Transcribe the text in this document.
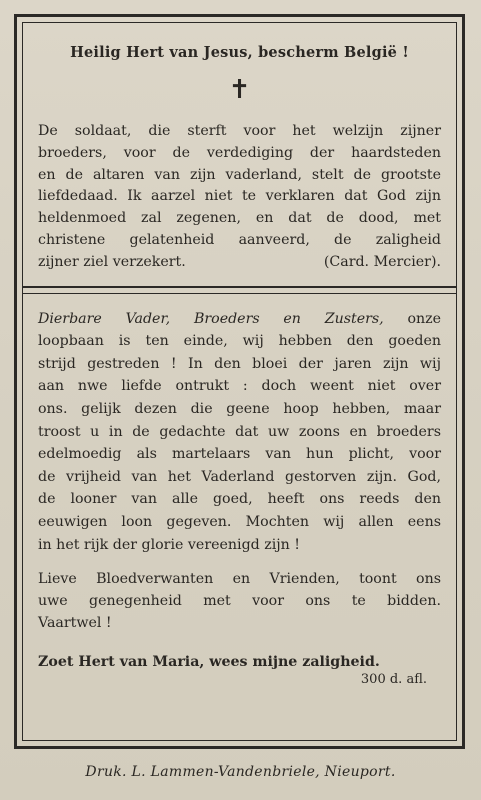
Heilig Hert van Jesus, bescherm België !
✝
De soldaat, die sterft voor het welzijn zijner
broeders, voor de verdediging der haardsteden
en de altaren van zijn vaderland, stelt de grootste
liefdedaad. Ik aarzel niet te verklaren dat God zijn
heldenmoed zal zegenen, en dat de dood, met
christene gelatenheid aanveerd, de zaligheid
zijner ziel verzekert.	(Card. Mercier).
Dierbare Vader, Broeders en Zusters, onze
loopbaan is ten einde, wij hebben den goeden
strijd gestreden ! In den bloei der jaren zijn wij
aan nwe liefde ontrukt : doch weent niet over
ons. gelijk dezen die geene hoop hebben, maar
troost u in de gedachte dat uw zoons en broeders
edelmoedig als martelaars van hun plicht, voor
de vrijheid van het Vaderland gestorven zijn. God,
de looner van alle goed, heeft ons reeds den
eeuwigen loon gegeven. Mochten wij allen eens
in het rijk der glorie vereenigd zijn !
Lieve Bloedverwanten en Vrienden, toont ons
uwe genegenheid met voor ons te bidden.
Vaartwel !
Zoet Hert van Maria, wees mijne zaligheid.
300 d. afl.
Druk. L. Lammen-Vandenbriele, Nieuport.
